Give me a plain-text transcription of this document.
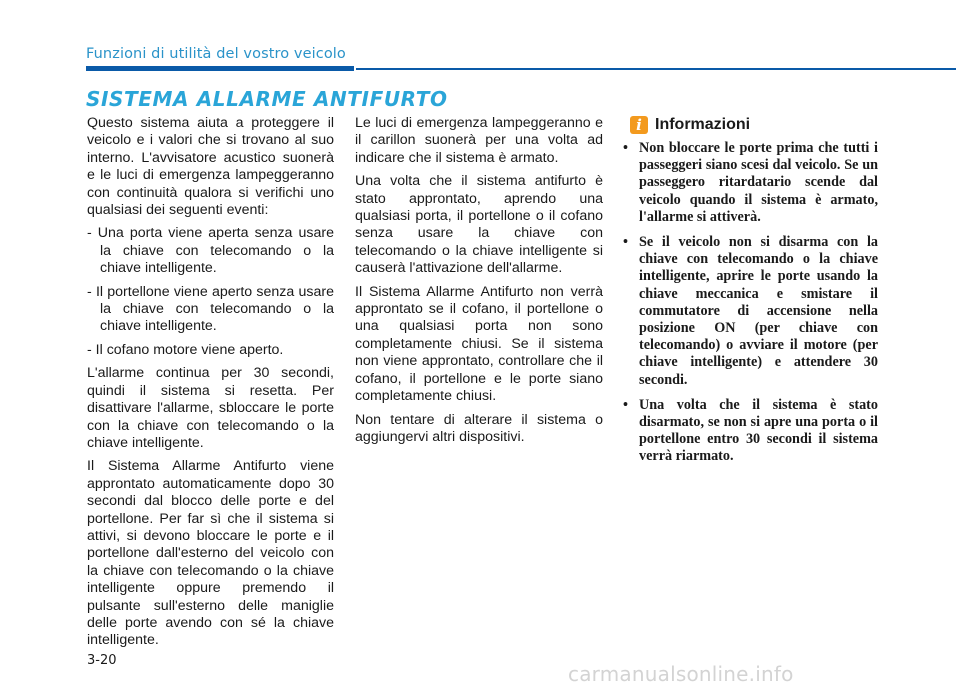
Funzioni di utilità del vostro veicolo
SISTEMA ALLARME ANTIFURTO

Questo sistema aiuta a proteggere il veicolo e i valori che si trovano al suo interno. L'avvisatore acustico suonerà e le luci di emergenza lampeggeranno con continuità qualora si verifichi uno qualsiasi dei seguenti eventi:

- Una porta viene aperta senza usare la chiave con telecomando o la chiave intelligente.
- Il portellone viene aperto senza usare la chiave con telecomando o la chiave intelligente.
- Il cofano motore viene aperto.

L'allarme continua per 30 secondi, quindi il sistema si resetta. Per disattivare l'allarme, sbloccare le porte con la chiave con telecomando o la chiave intelligente.

Il Sistema Allarme Antifurto viene approntato automaticamente dopo 30 secondi dal blocco delle porte e del portellone. Per far sì che il sistema si attivi, si devono bloccare le porte e il portellone dall'esterno del veicolo con la chiave con telecomando o la chiave intelligente oppure premendo il pulsante sull'esterno delle maniglie delle porte avendo con sé la chiave intelligente.

Le luci di emergenza lampeggeranno e il carillon suonerà per una volta ad indicare che il sistema è armato.

Una volta che il sistema antifurto è stato approntato, aprendo una qualsiasi porta, il portellone o il cofano senza usare la chiave con telecomando o la chiave intelligente si causerà l'attivazione dell'allarme.

Il Sistema Allarme Antifurto non verrà approntato se il cofano, il portellone o una qualsiasi porta non sono completamente chiusi. Se il sistema non viene approntato, controllare che il cofano, il portellone e le porte siano completamente chiusi.

Non tentare di alterare il sistema o aggiungervi altri dispositivi.

i Informazioni
• Non bloccare le porte prima che tutti i passeggeri siano scesi dal veicolo. Se un passeggero ritardatario scende dal veicolo quando il sistema è armato, l'allarme si attiverà.
• Se il veicolo non si disarma con la chiave con telecomando o la chiave intelligente, aprire le porte usando la chiave meccanica e smistare il commutatore di accensione nella posizione ON (per chiave con telecomando) o avviare il motore (per chiave intelligente) e attendere 30 secondi.
• Una volta che il sistema è stato disarmato, se non si apre una porta o il portellone entro 30 secondi il sistema verrà riarmato.
3-20
carmanualsonline.info
